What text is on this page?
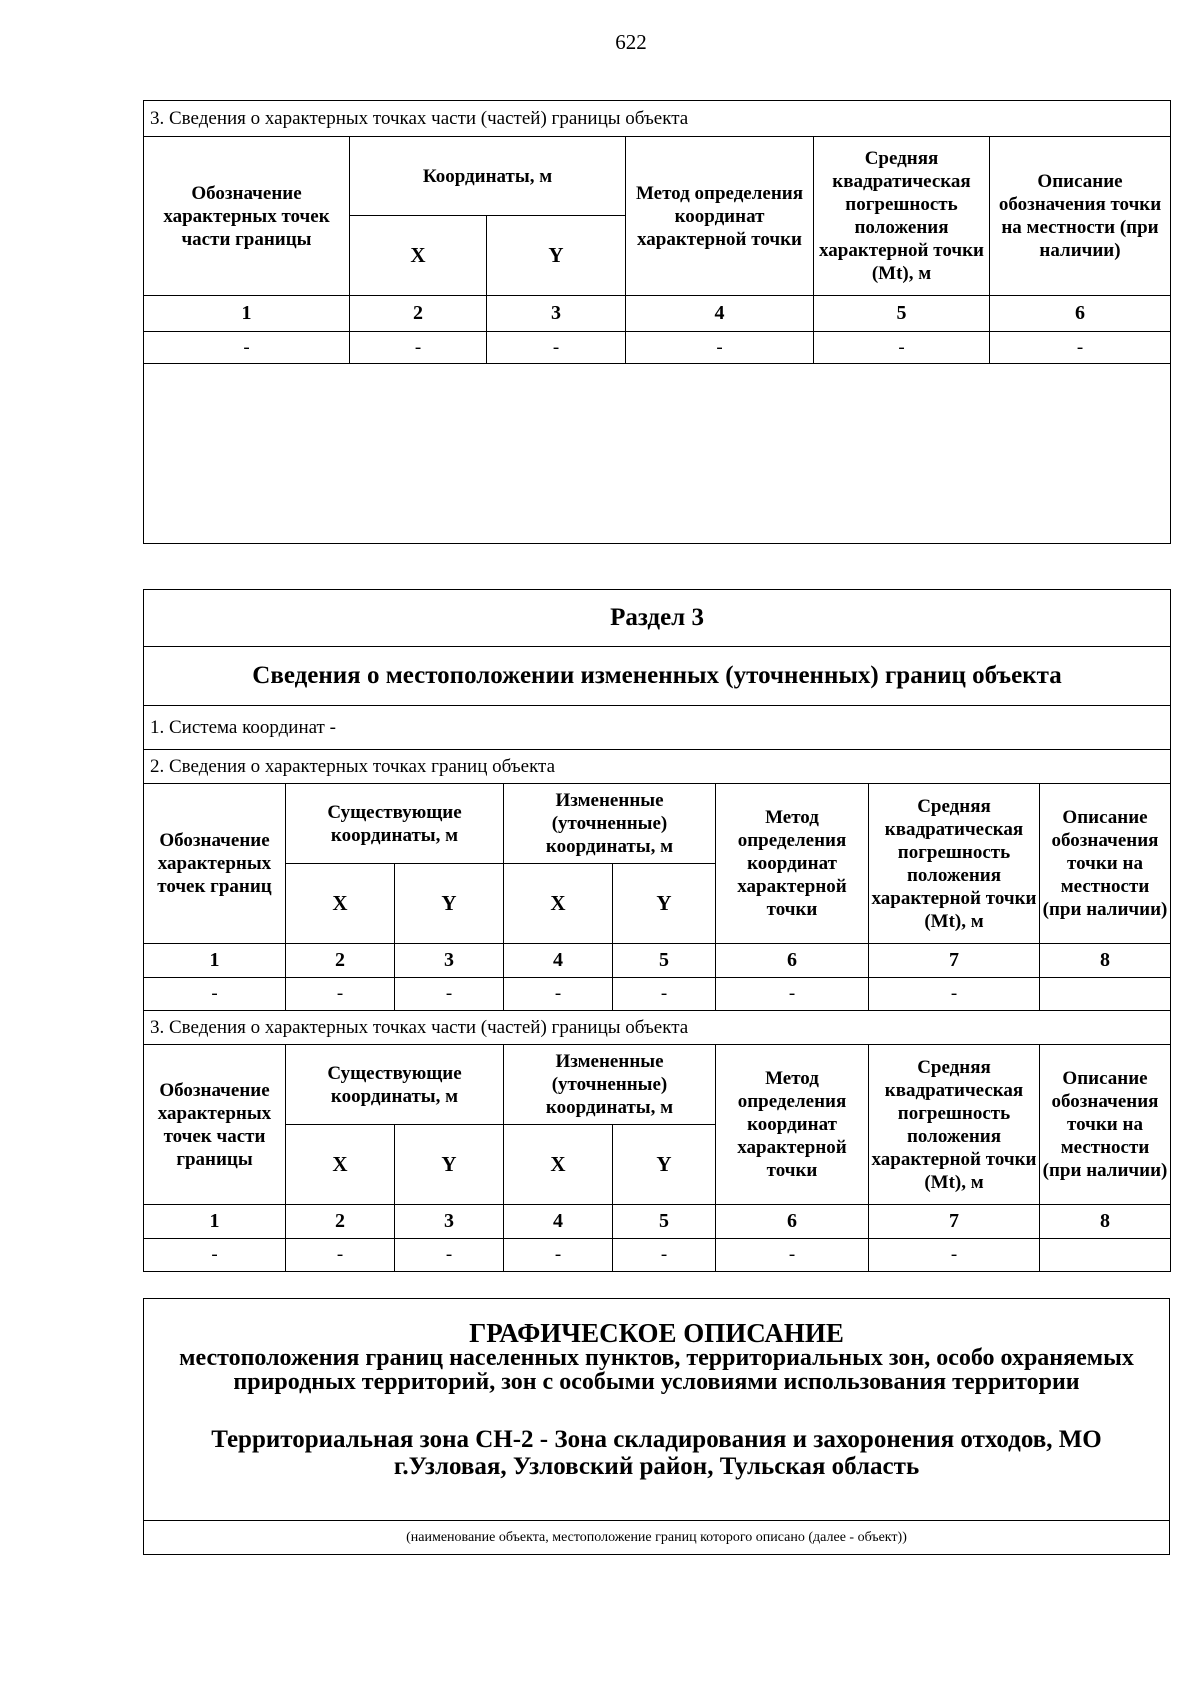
622
3. Сведения о характерных точках части (частей) границы объекта					
Обозначение характерных точек части границы	Координаты, м		Метод определения координат характерной точки	Средняя квадратическая погрешность положения характерной точки (Mt), м	Описание обозначения точки на местности (при наличии)
	X	Y			
1	2	3	4	5	6
-	-	-	-	-	-

Раздел 3							
Сведения о местоположении измененных (уточненных) границ объекта							
1. Система координат -							
2. Сведения о характерных точках границ объекта							
Обозначение характерных точек границ	Существующие координаты, м		Измененные (уточненные) координаты, м		Метод определения координат характерной точки	Средняя квадратическая погрешность положения характерной точки (Mt), м	Описание обозначения точки на местности (при наличии)
	X	Y	X	Y			
1	2	3	4	5	6	7	8
-	-	-	-	-	-	-	
3. Сведения о характерных точках части (частей) границы объекта							
Обозначение характерных точек части границы	Существующие координаты, м		Измененные (уточненные) координаты, м		Метод определения координат характерной точки	Средняя квадратическая погрешность положения характерной точки (Mt), м	Описание обозначения точки на местности (при наличии)
	X	Y	X	Y			
1	2	3	4	5	6	7	8
-	-	-	-	-	-	-	
ГРАФИЧЕСКОЕ ОПИСАНИЕ
местоположения границ населенных пунктов, территориальных зон, особо охраняемых природных территорий, зон с особыми условиями использования территории
Территориальная зона СН-2 - Зона складирования и захоронения отходов, МО г.Узловая, Узловский район, Тульская область

(наименование объекта, местоположение границ которого описано (далее - объект))
